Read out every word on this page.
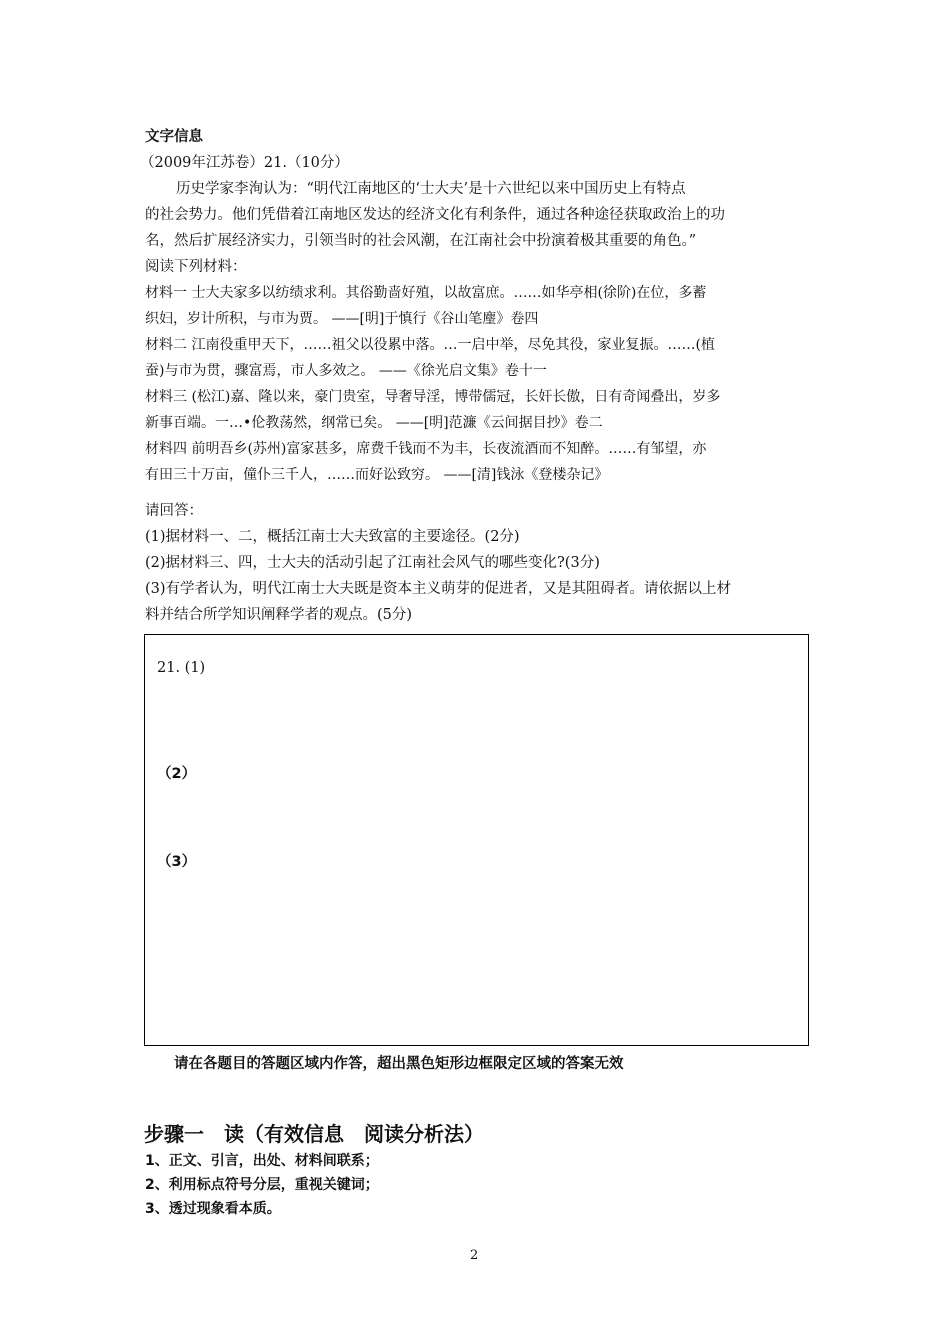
文字信息
（2009年江苏卷）21.（10分）
历史学家李洵认为：“明代江南地区的‘士大夫’是十六世纪以来中国历史上有特点
的社会势力。他们凭借着江南地区发达的经济文化有利条件，通过各种途径获取政治上的功
名，然后扩展经济实力，引领当时的社会风潮，在江南社会中扮演着极其重要的角色。”
阅读下列材料：
材料一 士大夫家多以纺绩求利。其俗勤啬好殖，以故富庶。……如华亭相(徐阶)在位，多蓄
织妇，岁计所积，与市为贾。 ——[明]于慎行《谷山笔麈》卷四
材料二 江南役重甲天下，……祖父以役累中落。…一启中举，尽免其役，家业复振。……(植
蚕)与市为贯，骤富焉，市人多效之。 ——《徐光启文集》卷十一
材料三 (松江)嘉、隆以来，豪门贵室，导奢导淫，博带儒冠，长奸长傲，日有奇闻叠出，岁多
新事百端。一…•伦教荡然，纲常已矣。 ——[明]范濂《云间据目抄》卷二
材料四 前明吾乡(苏州)富家甚多，席费千钱而不为丰，长夜流酒而不知醉。……有邹望，亦
有田三十万亩，僮仆三千人，……而好讼致穷。 ——[清]钱泳《登楼杂记》
请回答：
(1)据材料一、二，概括江南士大夫致富的主要途径。(2分)
(2)据材料三、四，士大夫的活动引起了江南社会风气的哪些变化?(3分)
(3)有学者认为，明代江南士大夫既是资本主义萌芽的促进者，又是其阻碍者。请依据以上材
料并结合所学知识阐释学者的观点。(5分)
21. (1)
（2）
（3）
请在各题目的答题区域内作答，超出黑色矩形边框限定区域的答案无效
步骤一　读（有效信息　阅读分析法）
1、正文、引言，出处、材料间联系；
2、利用标点符号分层，重视关键词；
3、透过现象看本质。
2
